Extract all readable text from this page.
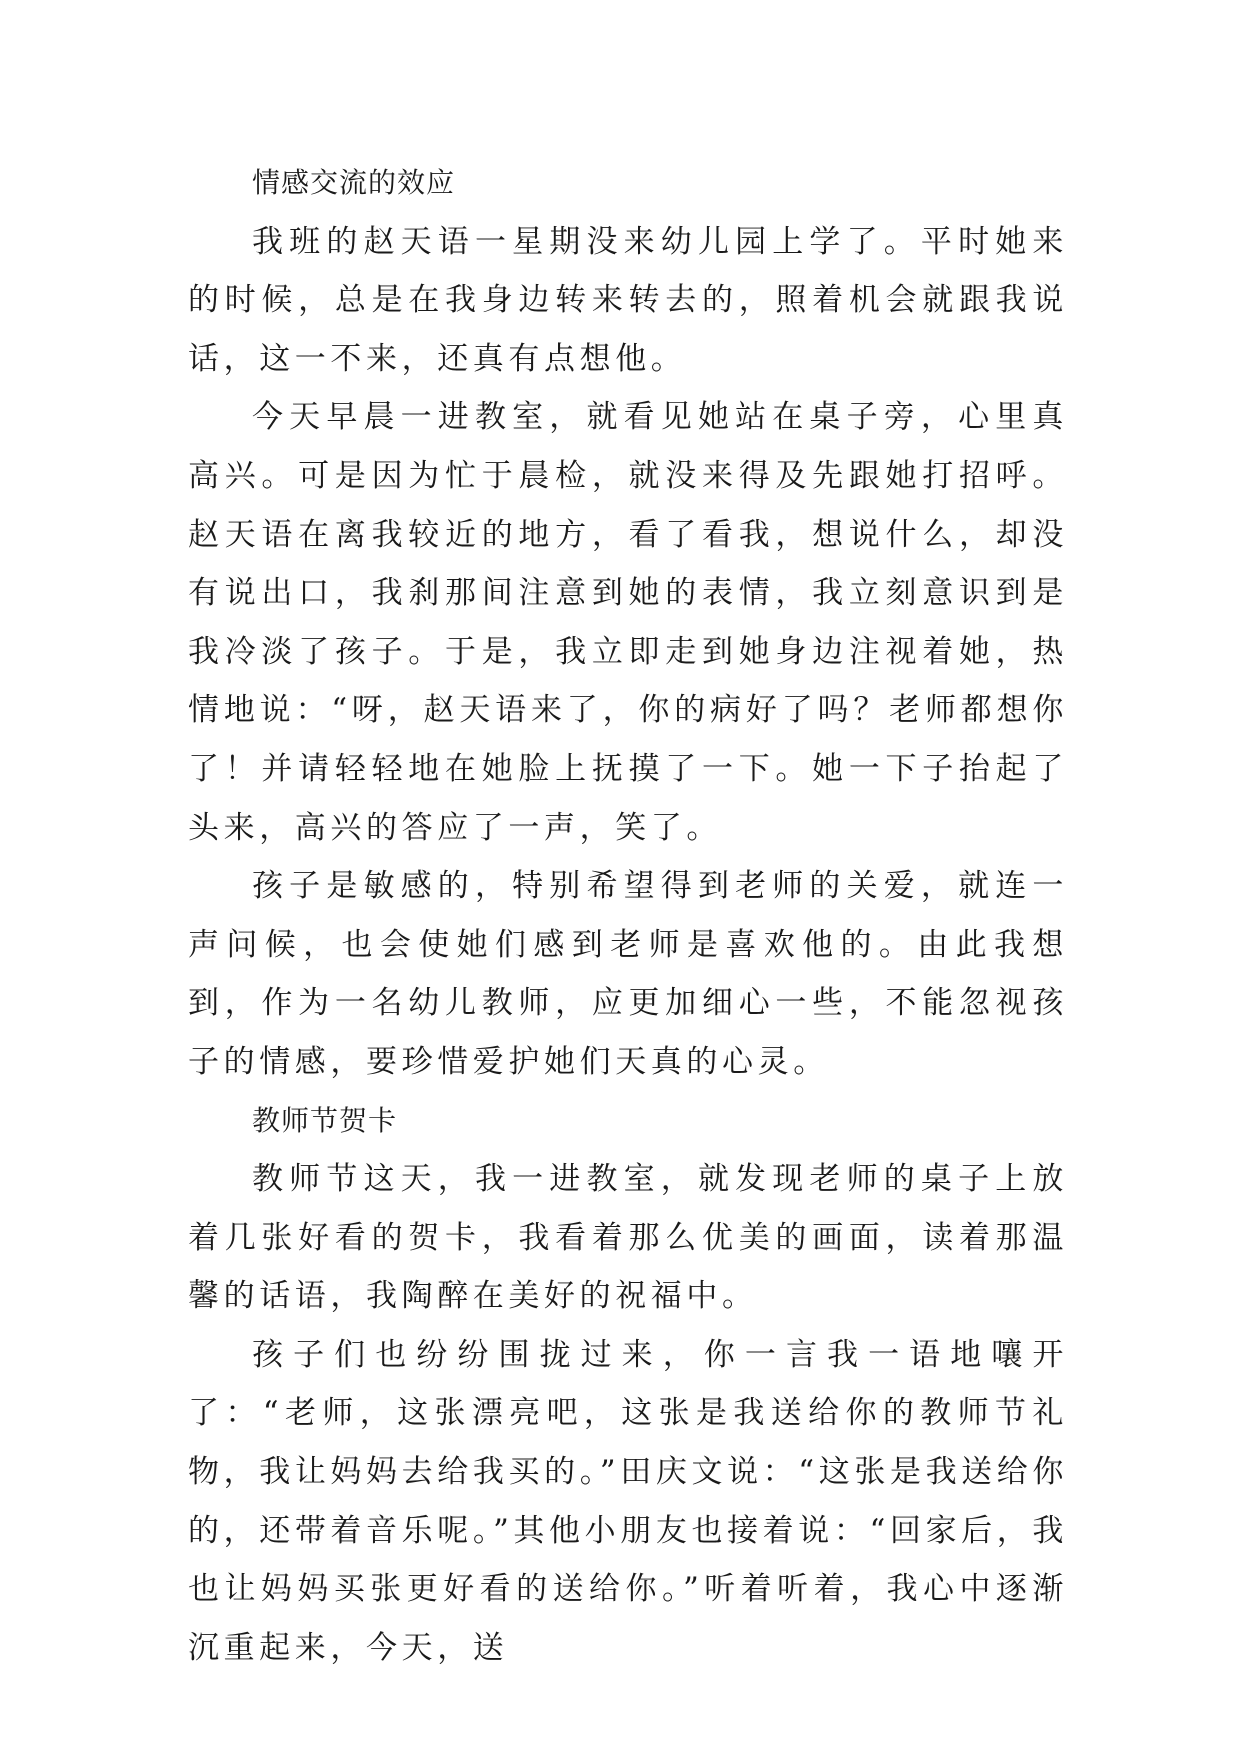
情感交流的效应

我班的赵天语一星期没来幼儿园上学了。平时她来的时候，总是在我身边转来转去的，照着机会就跟我说话，这一不来，还真有点想他。

今天早晨一进教室，就看见她站在桌子旁，心里真高兴。可是因为忙于晨检，就没来得及先跟她打招呼。赵天语在离我较近的地方，看了看我，想说什么，却没有说出口，我刹那间注意到她的表情，我立刻意识到是我冷淡了孩子。于是，我立即走到她身边注视着她，热情地说：“呀，赵天语来了，你的病好了吗？老师都想你了！并请轻轻地在她脸上抚摸了一下。她一下子抬起了头来，高兴的答应了一声，笑了。

孩子是敏感的，特别希望得到老师的关爱，就连一声问候，也会使她们感到老师是喜欢他的。由此我想到，作为一名幼儿教师，应更加细心一些，不能忽视孩子的情感，要珍惜爱护她们天真的心灵。

教师节贺卡

教师节这天，我一进教室，就发现老师的桌子上放着几张好看的贺卡，我看着那么优美的画面，读着那温馨的话语，我陶醉在美好的祝福中。

孩子们也纷纷围拢过来，你一言我一语地嚷开了：“老师，这张漂亮吧，这张是我送给你的教师节礼物，我让妈妈去给我买的。”田庆文说：“这张是我送给你的，还带着音乐呢。”其他小朋友也接着说：“回家后，我也让妈妈买张更好看的送给你。”听着听着，我心中逐渐沉重起来，今天，送
